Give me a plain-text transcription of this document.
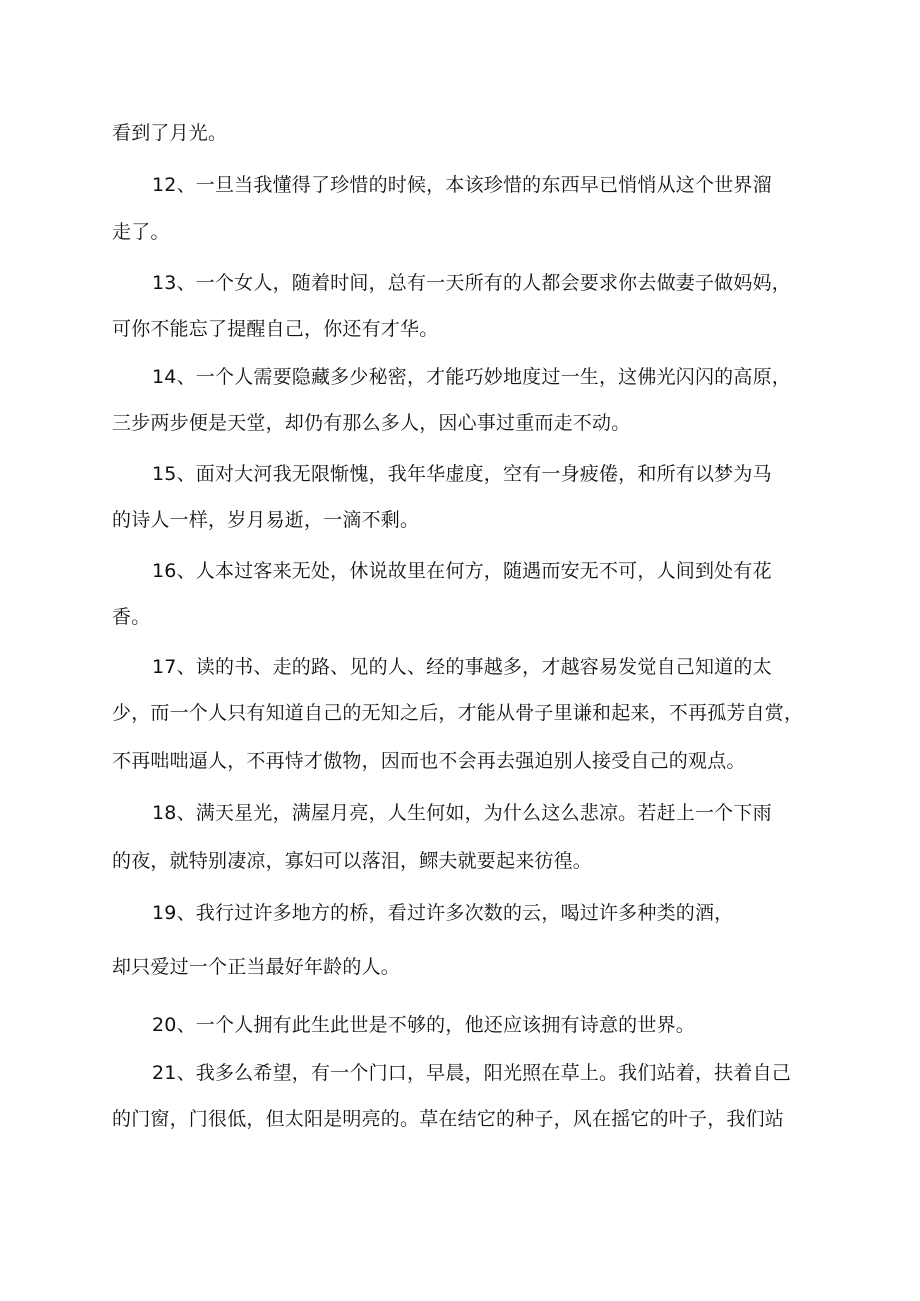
看到了月光。
12、一旦当我懂得了珍惜的时候，本该珍惜的东西早已悄悄从这个世界溜
走了。
13、一个女人，随着时间，总有一天所有的人都会要求你去做妻子做妈妈，
可你不能忘了提醒自己，你还有才华。
14、一个人需要隐藏多少秘密，才能巧妙地度过一生，这佛光闪闪的高原，
三步两步便是天堂，却仍有那么多人，因心事过重而走不动。
15、面对大河我无限惭愧，我年华虚度，空有一身疲倦，和所有以梦为马
的诗人一样，岁月易逝，一滴不剩。
16、人本过客来无处，休说故里在何方，随遇而安无不可，人间到处有花
香。
17、读的书、走的路、见的人、经的事越多，才越容易发觉自己知道的太
少，而一个人只有知道自己的无知之后，才能从骨子里谦和起来，不再孤芳自赏，
不再咄咄逼人，不再恃才傲物，因而也不会再去强迫别人接受自己的观点。
18、满天星光，满屋月亮，人生何如，为什么这么悲凉。若赶上一个下雨
的夜，就特别凄凉，寡妇可以落泪，鳏夫就要起来彷徨。
19、我行过许多地方的桥，看过许多次数的云，喝过许多种类的酒，
却只爱过一个正当最好年龄的人。
20、一个人拥有此生此世是不够的，他还应该拥有诗意的世界。
21、我多么希望，有一个门口，早晨，阳光照在草上。我们站着，扶着自己
的门窗，门很低，但太阳是明亮的。草在结它的种子，风在摇它的叶子，我们站
